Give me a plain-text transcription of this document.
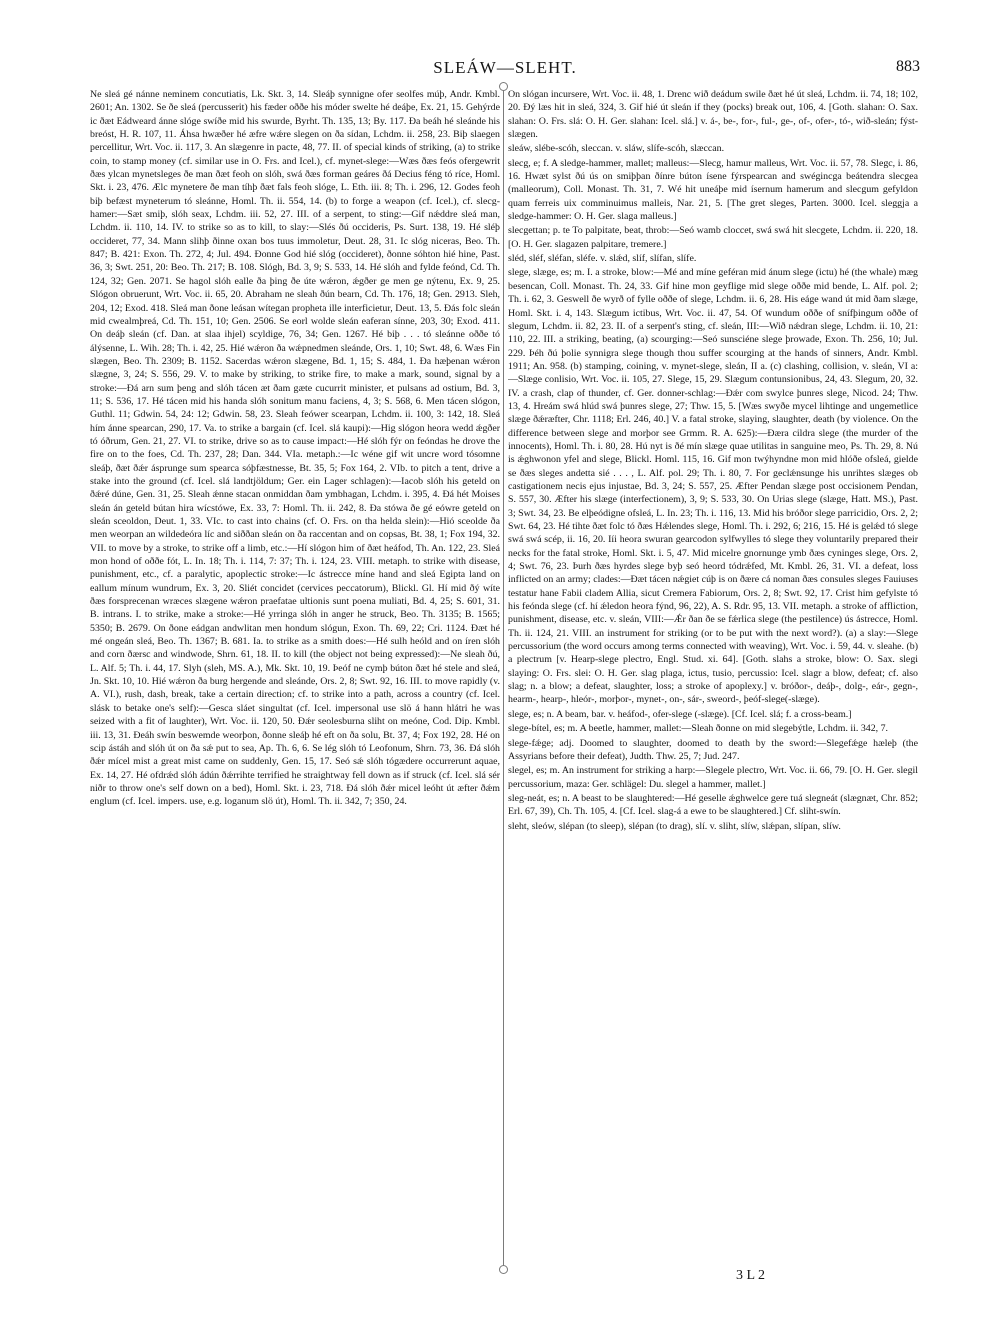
SLEÁW—SLEHT.	883

Ne sleá gé nánne neminem concutiatis, Lk. Skt. 3, 14. Sleáþ synnigne ofer seolfes múþ, Andr. Kmbl. 2601; An. 1302. Se ðe sleá (percusserit) his fæder oððe his móder swelte hé deáþe, Ex. 21, 15. Gehýrde ic ðæt Eádweard ánne slóge swíðe mid his swurde, Byrht. Th. 135, 13; By. 117. Ða beáh hé sleánde his breóst, H. R. 107, 11. Áhsa hwæðer hé æfre wǽre slegen on ða sídan, Lchdm. ii. 258, 23. Biþ slaegen percellitur, Wrt. Voc. ii. 117, 3. An slægenre in pacte, 48, 77. II. of special kinds of striking, (a) to strike coin, to stamp money (cf. similar use in O. Frs. and Icel.), cf. mynet-slege:—Wæs ðæs feós ofergewrit ðæs ylcan mynetsleges ðe man ðæt feoh on slóh, swá ðæs forman geáres ðá Decius féng tó ríce, Homl. Skt. i. 23, 476. Ælc mynetere ðe man tíhþ ðæt fals feoh slóge, L. Eth. iii. 8; Th. i. 296, 12. Godes feoh biþ befæst myneterum tó sleánne, Homl. Th. ii. 554, 14. (b) to forge a weapon (cf. Icel.), cf. slecg-hamer:—Sæt smiþ, slóh seax, Lchdm. iii. 52, 27. III. of a serpent, to sting:—Gif nǽddre sleá man, Lchdm. ii. 110, 14. IV. to strike so as to kill, to slay:—Slés ðú occideris, Ps. Surt. 138, 19. Hé sléþ occideret, 77, 34. Mann slihþ ðinne oxan bos tuus immoletur, Deut. 28, 31. Ic slóg niceras, Beo. Th. 847; B. 421: Exon. Th. 272, 4; Jul. 494. Ðonne God hié slóg (occideret), ðonne sóhton hié hine, Past. 36, 3; Swt. 251, 20: Beo. Th. 217; B. 108. Slógh, Bd. 3, 9; S. 533, 14. Hé slóh and fylde feónd, Cd. Th. 124, 32; Gen. 2071. Se hagol slóh ealle ða þing ðe úte wǽron, ǽgðer ge men ge nýtenu, Ex. 9, 25. Slógon obruerunt, Wrt. Voc. ii. 65, 20. Abraham ne sleah ðún bearn, Cd. Th. 176, 18; Gen. 2913. Sleh, 204, 12; Exod. 418. Sleá man ðone leásan wítegan propheta ille interficietur, Deut. 13, 5. Ðás folc sleán mid cwealmþreá, Cd. Th. 151, 10; Gen. 2506. Se eorl wolde sleán eaferan sínne, 203, 30; Exod. 411. On deáþ sleán (cf. Dan. at slaa ihjel) scyldige, 76, 34; Gen. 1267. Hé biþ . . . tó sleánne oððe tó álýsenne, L. Wih. 28; Th. i. 42, 25. Hié wǽron ða wǽpnedmen sleánde, Ors. 1, 10; Swt. 48, 6. Wæs Fin slægen, Beo. Th. 2309; B. 1152. Sacerdas wǽron slægene, Bd. 1, 15; S. 484, 1. Ða hæþenan wǽron slægne, 3, 24; S. 556, 29. V. to make by striking, to strike fire, to make a mark, sound, signal by a stroke:—Ðá arn sum þeng and slóh tácen æt ðam gæte cucurrit minister, et pulsans ad ostium, Bd. 3, 11; S. 536, 17. Hé tácen mid his handa slóh sonitum manu faciens, 4, 3; S. 568, 6. Men tácen slógon, Guthl. 11; Gdwin. 54, 24: 12; Gdwin. 58, 23. Sleah feówer scearpan, Lchdm. ii. 100, 3: 142, 18. Sleá hím ánne spearcan, 290, 17. Va. to strike a bargain (cf. Icel. slá kaupi):—Hig slógon heora wedd ǽgðer tó óðrum, Gen. 21, 27. VI. to strike, drive so as to cause impact:—Hé slóh fýr on feóndas he drove the fire on to the foes, Cd. Th. 237, 28; Dan. 344. VIa. metaph.:—Ic wéne gif wit uncre word tósomne sleáþ, ðæt ðǽr ásprunge sum spearca sóþfæstnesse, Bt. 35, 5; Fox 164, 2. VIb. to pitch a tent, drive a stake into the ground (cf. Icel. slá landtjöldum; Ger. ein Lager schlagen):—Iacob slóh his geteld on ðǽré dúne, Gen. 31, 25. Sleah ǽnne stacan onmiddan ðam ymbhagan, Lchdm. i. 395, 4. Ðá hét Moises sleán án geteld bútan hira wícstówe, Ex. 33, 7: Homl. Th. ii. 242, 8. Ða stówa ðe gé eówre geteld on sleán sceoldon, Deut. 1, 33. VIc. to cast into chains (cf. O. Frs. on tha helda slein):—Hió sceolde ða men weorpan an wildedeóra líc and siððan sleán on ða raccentan and on copsas, Bt. 38, 1; Fox 194, 32. VII. to move by a stroke, to strike off a limb, etc.:—Hí slógon him of ðæt heáfod, Th. An. 122, 23. Sleá mon hond of oððe fót, L. In. 18; Th. i. 114, 7: 37; Th. i. 124, 23. VIII. metaph. to strike with disease, punishment, etc., cf. a paralytic, apoplectic stroke:—Ic ástrecce míne hand and sleá Egipta land on eallum mínum wundrum, Ex. 3, 20. Sliét concidet (cervices peccatorum), Blickl. Gl. Hí mid ðý wíte ðæs forsprecenan wræces slægene wǽron praefatae ultionis sunt poena muliati, Bd. 4, 25; S. 601, 31. B. intrans. I. to strike, make a stroke:—Hé yrringa slóh in anger he struck, Beo. Th. 3135; B. 1565; 5350; B. 2679. On ðone eádgan andwlitan men hondum slógun, Exon. Th. 69, 22; Cri. 1124. Ðæt hé mé ongeán sleá, Beo. Th. 1367; B. 681. Ia. to strike as a smith does:—Hé sulh heóld and on íren slóh and corn ðærsc and windwode, Shrn. 61, 18. II. to kill (the object not being expressed):—Ne sleah ðú, L. Alf. 5; Th. i. 44, 17. Slyh (sleh, MS. A.), Mk. Skt. 10, 19. Þeóf ne cymþ búton ðæt hé stele and sleá, Jn. Skt. 10, 10. Hié wǽron ða burg hergende and sleánde, Ors. 2, 8; Swt. 92, 16. III. to move rapidly (v. A. VI.), rush, dash, break, take a certain direction; cf. to strike into a path, across a country (cf. Icel. slásk to betake one's self):—Gesca sláet singultat (cf. Icel. impersonal use slö á hann hlátri he was seized with a fit of laughter), Wrt. Voc. ii. 120, 50. Ðǽr seolesburna sliht on meóne, Cod. Dip. Kmbl. iii. 13, 31. Ðeáh swín beswemde weorþon, ðonne sleáþ hé eft on ða solu, Bt. 37, 4; Fox 192, 28. Hé on scip ástáh and slóh út on ða sǽ put to sea, Ap. Th. 6, 6. Se lég slóh tó Leofonum, Shrn. 73, 36. Ðá slóh ðǽr mícel mist a great mist came on suddenly, Gen. 15, 17. Seó sǽ slóh tógædere occurrerunt aquae, Ex. 14, 27. Hé ofdrǽd slóh ádún ðǽrrihte terrified he straightway fell down as if struck (cf. Icel. slá sér niðr to throw one's self down on a bed), Homl. Skt. i. 23, 718. Ðá slóh ðǽr micel leóht út æfter ðǽm englum (cf. Icel. impers. use, e.g. loganum slö út), Homl. Th. ii. 342, 7; 350, 24.

On slógan incursere, Wrt. Voc. ii. 48, 1. Drenc wið deádum swile ðæt hé út sleá, Lchdm. ii. 74, 18; 102, 20. Ðý læs hit in sleá, 324, 3. Gif hié út sleán if they (pocks) break out, 106, 4. [Goth. slahan: O. Sax. slahan: O. Frs. slá: O. H. Ger. slahan: Icel. slá.] v. á-, be-, for-, ful-, ge-, of-, ofer-, tó-, wið-sleán; fýst-slægen.

sleáw, slébe-scóh, sleccan. v. sláw, slífe-scóh, slæccan.

slecg, e; f. A sledge-hammer, mallet; malleus:—Slecg, hamur malleus, Wrt. Voc. ii. 57, 78. Slegc, i. 86, 16. Hwæt sylst ðú ús on smiþþan ðínre búton ísene fýrspearcan and swégincga beátendra slecgea (malleorum), Coll. Monast. Th. 31, 7. Wé hit uneáþe mid ísernum hamerum and slecgum gefyldon quam ferreis uix comminuimus malleis, Nar. 21, 5. [The gret sleges, Parten. 3000. Icel. sleggja a sledge-hammer: O. H. Ger. slaga malleus.]

slecgettan; p. te To palpitate, beat, throb:—Seó wamb cloccet, swá swá hit slecgete, Lchdm. ii. 220, 18. [O. H. Ger. slagazen palpitare, tremere.]

sléd, sléf, sléfan, sléfe. v. slǽd, slíf, slífan, slífe.

slege, slæge, es; m. I. a stroke, blow:—Mé and míne geféran mid ánum slege (ictu) hé (the whale) mæg besencan, Coll. Monast. Th. 24, 33. Gif hine mon geyflige mid slege oððe mid bende, L. Alf. pol. 2; Th. i. 62, 3. Geswell ðe wyrð of fylle oððe of slege, Lchdm. ii. 6, 28. His eáge wand út mid ðam slæge, Homl. Skt. i. 4, 143. Slægum ictibus, Wrt. Voc. ii. 47, 54. Of wundum oððe of snífþingum oððe of slegum, Lchdm. ii. 82, 23. II. of a serpent's sting, cf. sleán, III:—Wið nǽdran slege, Lchdm. ii. 10, 21: 110, 22. III. a striking, beating, (a) scourging:—Seó sunsciéne slege þrowade, Exon. Th. 256, 10; Jul. 229. Þéh ðú þolie synnigra slege though thou suffer scourging at the hands of sinners, Andr. Kmbl. 1911; An. 958. (b) stamping, coining, v. mynet-slege, sleán, II a. (c) clashing, collision, v. sleán, VI a:—Slæge conlisio, Wrt. Voc. ii. 105, 27. Slege, 15, 29. Slægum contunsionibus, 24, 43. Slegum, 20, 32. IV. a crash, clap of thunder, cf. Ger. donner-schlag:—Ðǽr com swylce þunres slege, Nicod. 24; Thw. 13, 4. Hreám swá hlúd swá þunres slege, 27; Thw. 15, 5. [Wæs swyðe mycel lihtinge and ungemetlice slæge ðǽræfter, Chr. 1118; Erl. 246, 40.] V. a fatal stroke, slaying, slaughter, death (by violence. On the difference between slege and morþor see Grmm. R. A. 625):—Ðæra cildra slege (the murder of the innocents), Homl. Th. i. 80, 28. Hú nyt is ðé mín slæge quae utilitas in sanguine meo, Ps. Th. 29, 8. Nú is ǽghwonon yfel and slege, Blickl. Homl. 115, 16. Gif mon twýhyndne mon mid hlóðe ofsleá, gielde se ðæs sleges andetta sié . . . , L. Alf. pol. 29; Th. i. 80, 7. For geclǽnsunge his unrihtes slæges ob castigationem necis ejus injustae, Bd. 3, 24; S. 557, 25. Æfter Pendan slæge post occisionem Pendan, S. 557, 30. Æfter his slæge (interfectionem), 3, 9; S. 533, 30. On Urias slege (slæge, Hatt. MS.), Past. 3; Swt. 34, 23. Be elþeódigne ofsleá, L. In. 23; Th. i. 116, 13. Mid his bróðor slege parricidio, Ors. 2, 2; Swt. 64, 23. Hé tihte ðæt folc tó ðæs Hǽlendes slege, Homl. Th. i. 292, 6; 216, 15. Hé is gelǽd tó slege swá swá scép, ii. 16, 20. Iíi heora swuran gearcodon sylfwylles tó slege they voluntarily prepared their necks for the fatal stroke, Homl. Skt. i. 5, 47. Mid micelre gnornunge ymb ðæs cyninges slege, Ors. 2, 4; Swt. 76, 23. Þurh ðæs hyrdes slege byþ seó heord tódrǽfed, Mt. Kmbl. 26, 31. VI. a defeat, loss inflicted on an army; clades:—Ðæt tácen nǽgiet cúþ is on ðære cá noman ðæs consules sleges Fauiuses testatur hane Fabii cladem Allia, sicut Cremera Fabiorum, Ors. 2, 8; Swt. 92, 17. Crist him gefylste tó his feónda slege (cf. hí ǽledon heora fýnd, 96, 22), A. S. Rdr. 95, 13. VII. metaph. a stroke of affliction, punishment, disease, etc. v. sleán, VIII:—Ǽr ðan ðe se fǽrlica slege (the pestilence) ús ástrecce, Homl. Th. ii. 124, 21. VIII. an instrument for striking (or to be put with the next word?). (a) a slay:—Slege percussorium (the word occurs among terms connected with weaving), Wrt. Voc. i. 59, 44. v. sleahe. (b) a plectrum [v. Hearp-slege plectro, Engl. Stud. xi. 64]. [Goth. slahs a stroke, blow: O. Sax. slegi slaying: O. Frs. slei: O. H. Ger. slag plaga, ictus, tusio, percussio: Icel. slagr a blow, defeat; cf. also slag; n. a blow; a defeat, slaughter, loss; a stroke of apoplexy.] v. bróðor-, deáþ-, dolg-, eár-, gegn-, hearm-, hearp-, hleór-, morþor-, mynet-, on-, sár-, sweord-, þeóf-slege(-slæge).

slege, es; n. A beam, bar. v. heáfod-, ofer-slege (-slæge). [Cf. Icel. slá; f. a cross-beam.]

slege-bítel, es; m. A beetle, hammer, mallet:—Sleah ðonne on mid slegebýtle, Lchdm. ii. 342, 7.

slege-fǽge; adj. Doomed to slaughter, doomed to death by the sword:—Slegefǽge hæleþ (the Assyrians before their defeat), Judth. Thw. 25, 7; Jud. 247.

slegel, es; m. An instrument for striking a harp:—Slegele plectro, Wrt. Voc. ii. 66, 79. [O. H. Ger. slegil percussorium, maza: Ger. schlägel: Du. slegel a hammer, mallet.]

sleg-neát, es; n. A beast to be slaughtered:—Hé geselle ǽghwelce gere tuá slegneát (slægnæt, Chr. 852; Erl. 67, 39), Ch. Th. 105, 4. [Cf. Icel. slag-á a ewe to be slaughtered.] Cf. sliht-swín.

sleht, sleów, slépan (to sleep), slépan (to drag), slí. v. sliht, slíw, slǽpan, slípan, slíw.

3 L 2
